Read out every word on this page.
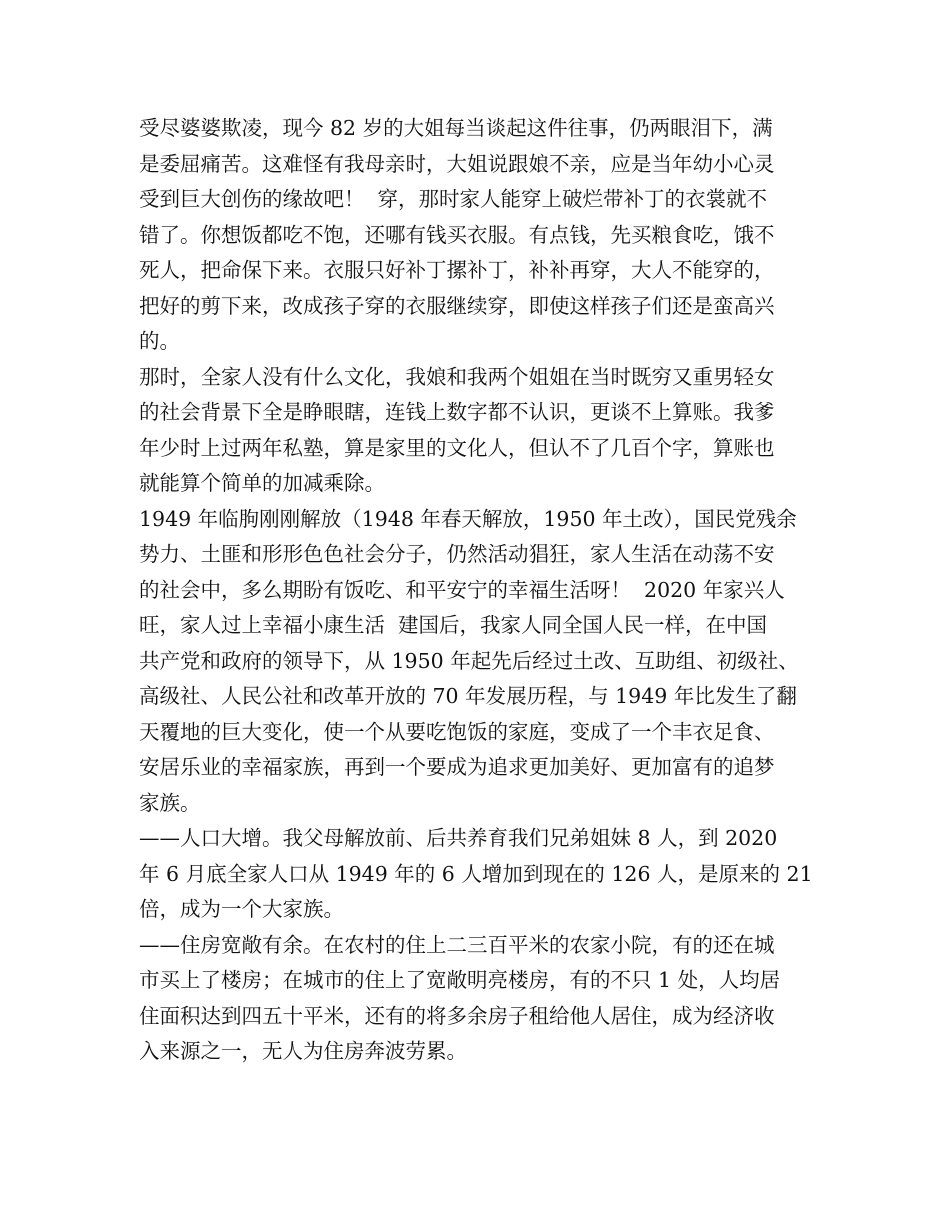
受尽婆婆欺凌，现今 82 岁的大姐每当谈起这件往事，仍两眼泪下，满
是委屈痛苦。这难怪有我母亲时，大姐说跟娘不亲，应是当年幼小心灵
受到巨大创伤的缘故吧！  穿，那时家人能穿上破烂带补丁的衣裳就不
错了。你想饭都吃不饱，还哪有钱买衣服。有点钱，先买粮食吃，饿不
死人，把命保下来。衣服只好补丁摞补丁，补补再穿，大人不能穿的，
把好的剪下来，改成孩子穿的衣服继续穿，即使这样孩子们还是蛮高兴
的。
那时，全家人没有什么文化，我娘和我两个姐姐在当时既穷又重男轻女
的社会背景下全是睁眼瞎，连钱上数字都不认识，更谈不上算账。我爹
年少时上过两年私塾，算是家里的文化人，但认不了几百个字，算账也
就能算个简单的加减乘除。
1949 年临朐刚刚解放（1948 年春天解放，1950 年土改），国民党残余
势力、土匪和形形色色社会分子，仍然活动猖狂，家人生活在动荡不安
的社会中，多么期盼有饭吃、和平安宁的幸福生活呀！  2020 年家兴人
旺，家人过上幸福小康生活  建国后，我家人同全国人民一样，在中国
共产党和政府的领导下，从 1950 年起先后经过土改、互助组、初级社、
高级社、人民公社和改革开放的 70 年发展历程，与 1949 年比发生了翻
天覆地的巨大变化，使一个从要吃饱饭的家庭，变成了一个丰衣足食、
安居乐业的幸福家族，再到一个要成为追求更加美好、更加富有的追梦
家族。
——人口大增。我父母解放前、后共养育我们兄弟姐妹 8 人，到 2020
年 6 月底全家人口从 1949 年的 6 人增加到现在的 126 人，是原来的 21
倍，成为一个大家族。
——住房宽敞有余。在农村的住上二三百平米的农家小院，有的还在城
市买上了楼房；在城市的住上了宽敞明亮楼房，有的不只 1 处，人均居
住面积达到四五十平米，还有的将多余房子租给他人居住，成为经济收
入来源之一，无人为住房奔波劳累。
